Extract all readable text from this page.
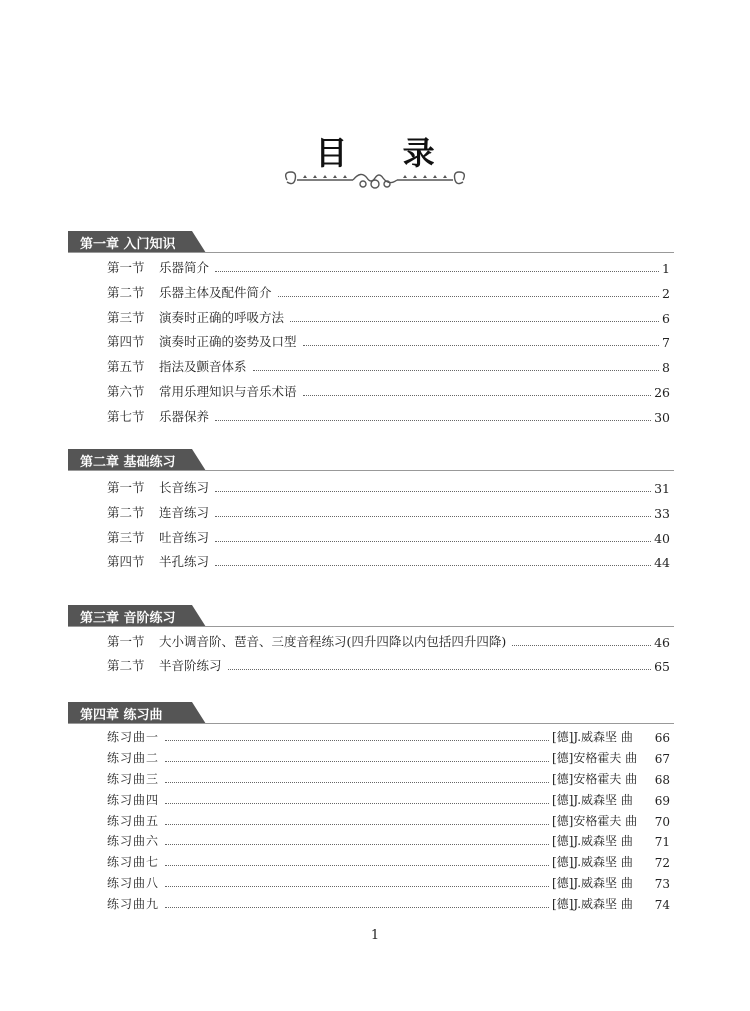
目 录
第一章 入门知识
第一节	乐器简介	1
第二节	乐器主体及配件简介	2
第三节	演奏时正确的呼吸方法	6
第四节	演奏时正确的姿势及口型	7
第五节	指法及颤音体系	8
第六节	常用乐理知识与音乐术语	26
第七节	乐器保养	30
第二章 基础练习
第一节	长音练习	31
第二节	连音练习	33
第三节	吐音练习	40
第四节	半孔练习	44
第三章 音阶练习
第一节	大小调音阶、琶音、三度音程练习(四升四降以内包括四升四降)	46
第二节	半音阶练习	65
第四章 练习曲
练习曲一	[德]J.威森坚 曲	66
练习曲二	[德]安格霍夫 曲	67
练习曲三	[德]安格霍夫 曲	68
练习曲四	[德]J.威森坚 曲	69
练习曲五	[德]安格霍夫 曲	70
练习曲六	[德]J.威森坚 曲	71
练习曲七	[德]J.威森坚 曲	72
练习曲八	[德]J.威森坚 曲	73
练习曲九	[德]J.威森坚 曲	74
1
